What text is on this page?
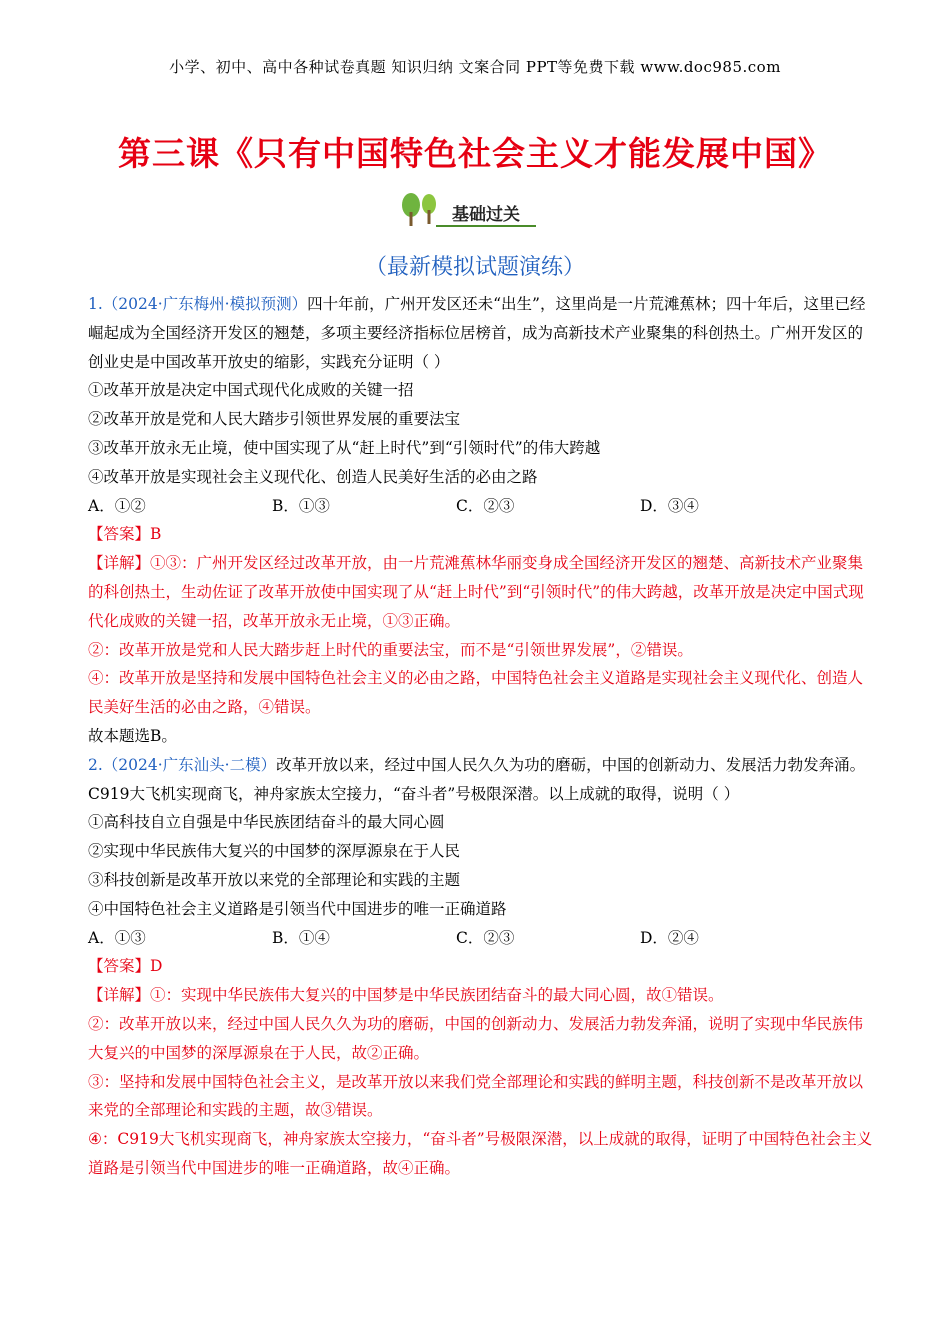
小学、初中、高中各种试卷真题 知识归纳 文案合同 PPT等免费下载 www.doc985.com
第三课《只有中国特色社会主义才能发展中国》
基础过关
（最新模拟试题演练）

1.（2024·广东梅州·模拟预测）四十年前，广州开发区还未“出生”，这里尚是一片荒滩蕉林；四十年后，这里已经崛起成为全国经济开发区的翘楚，多项主要经济指标位居榜首，成为高新技术产业聚集的科创热土。广州开发区的创业史是中国改革开放史的缩影，实践充分证明（ ）

①改革开放是决定中国式现代化成败的关键一招

②改革开放是党和人民大踏步引领世界发展的重要法宝

③改革开放永无止境，使中国实现了从“赶上时代”到“引领时代”的伟大跨越

④改革开放是实现社会主义现代化、创造人民美好生活的必由之路

A．①②	B．①③	C．②③	D．③④

【答案】B

【详解】①③：广州开发区经过改革开放，由一片荒滩蕉林华丽变身成全国经济开发区的翘楚、高新技术产业聚集的科创热土，生动佐证了改革开放使中国实现了从“赶上时代”到“引领时代”的伟大跨越，改革开放是决定中国式现代化成败的关键一招，改革开放永无止境，①③正确。

②：改革开放是党和人民大踏步赶上时代的重要法宝，而不是“引领世界发展”，②错误。

④：改革开放是坚持和发展中国特色社会主义的必由之路，中国特色社会主义道路是实现社会主义现代化、创造人民美好生活的必由之路，④错误。

故本题选B。

2.（2024·广东汕头·二模）改革开放以来，经过中国人民久久为功的磨砺，中国的创新动力、发展活力勃发奔涌。C919大飞机实现商飞，神舟家族太空接力，“奋斗者”号极限深潜。以上成就的取得，说明（ ）

①高科技自立自强是中华民族团结奋斗的最大同心圆

②实现中华民族伟大复兴的中国梦的深厚源泉在于人民

③科技创新是改革开放以来党的全部理论和实践的主题

④中国特色社会主义道路是引领当代中国进步的唯一正确道路

A．①③	B．①④	C．②③	D．②④

【答案】D

【详解】①：实现中华民族伟大复兴的中国梦是中华民族团结奋斗的最大同心圆，故①错误。

②：改革开放以来，经过中国人民久久为功的磨砺，中国的创新动力、发展活力勃发奔涌，说明了实现中华民族伟大复兴的中国梦的深厚源泉在于人民，故②正确。

③：坚持和发展中国特色社会主义，是改革开放以来我们党全部理论和实践的鲜明主题，科技创新不是改革开放以来党的全部理论和实践的主题，故③错误。

④：C919大飞机实现商飞，神舟家族太空接力，“奋斗者”号极限深潜，以上成就的取得，证明了中国特色社会主义道路是引领当代中国进步的唯一正确道路，故④正确。
